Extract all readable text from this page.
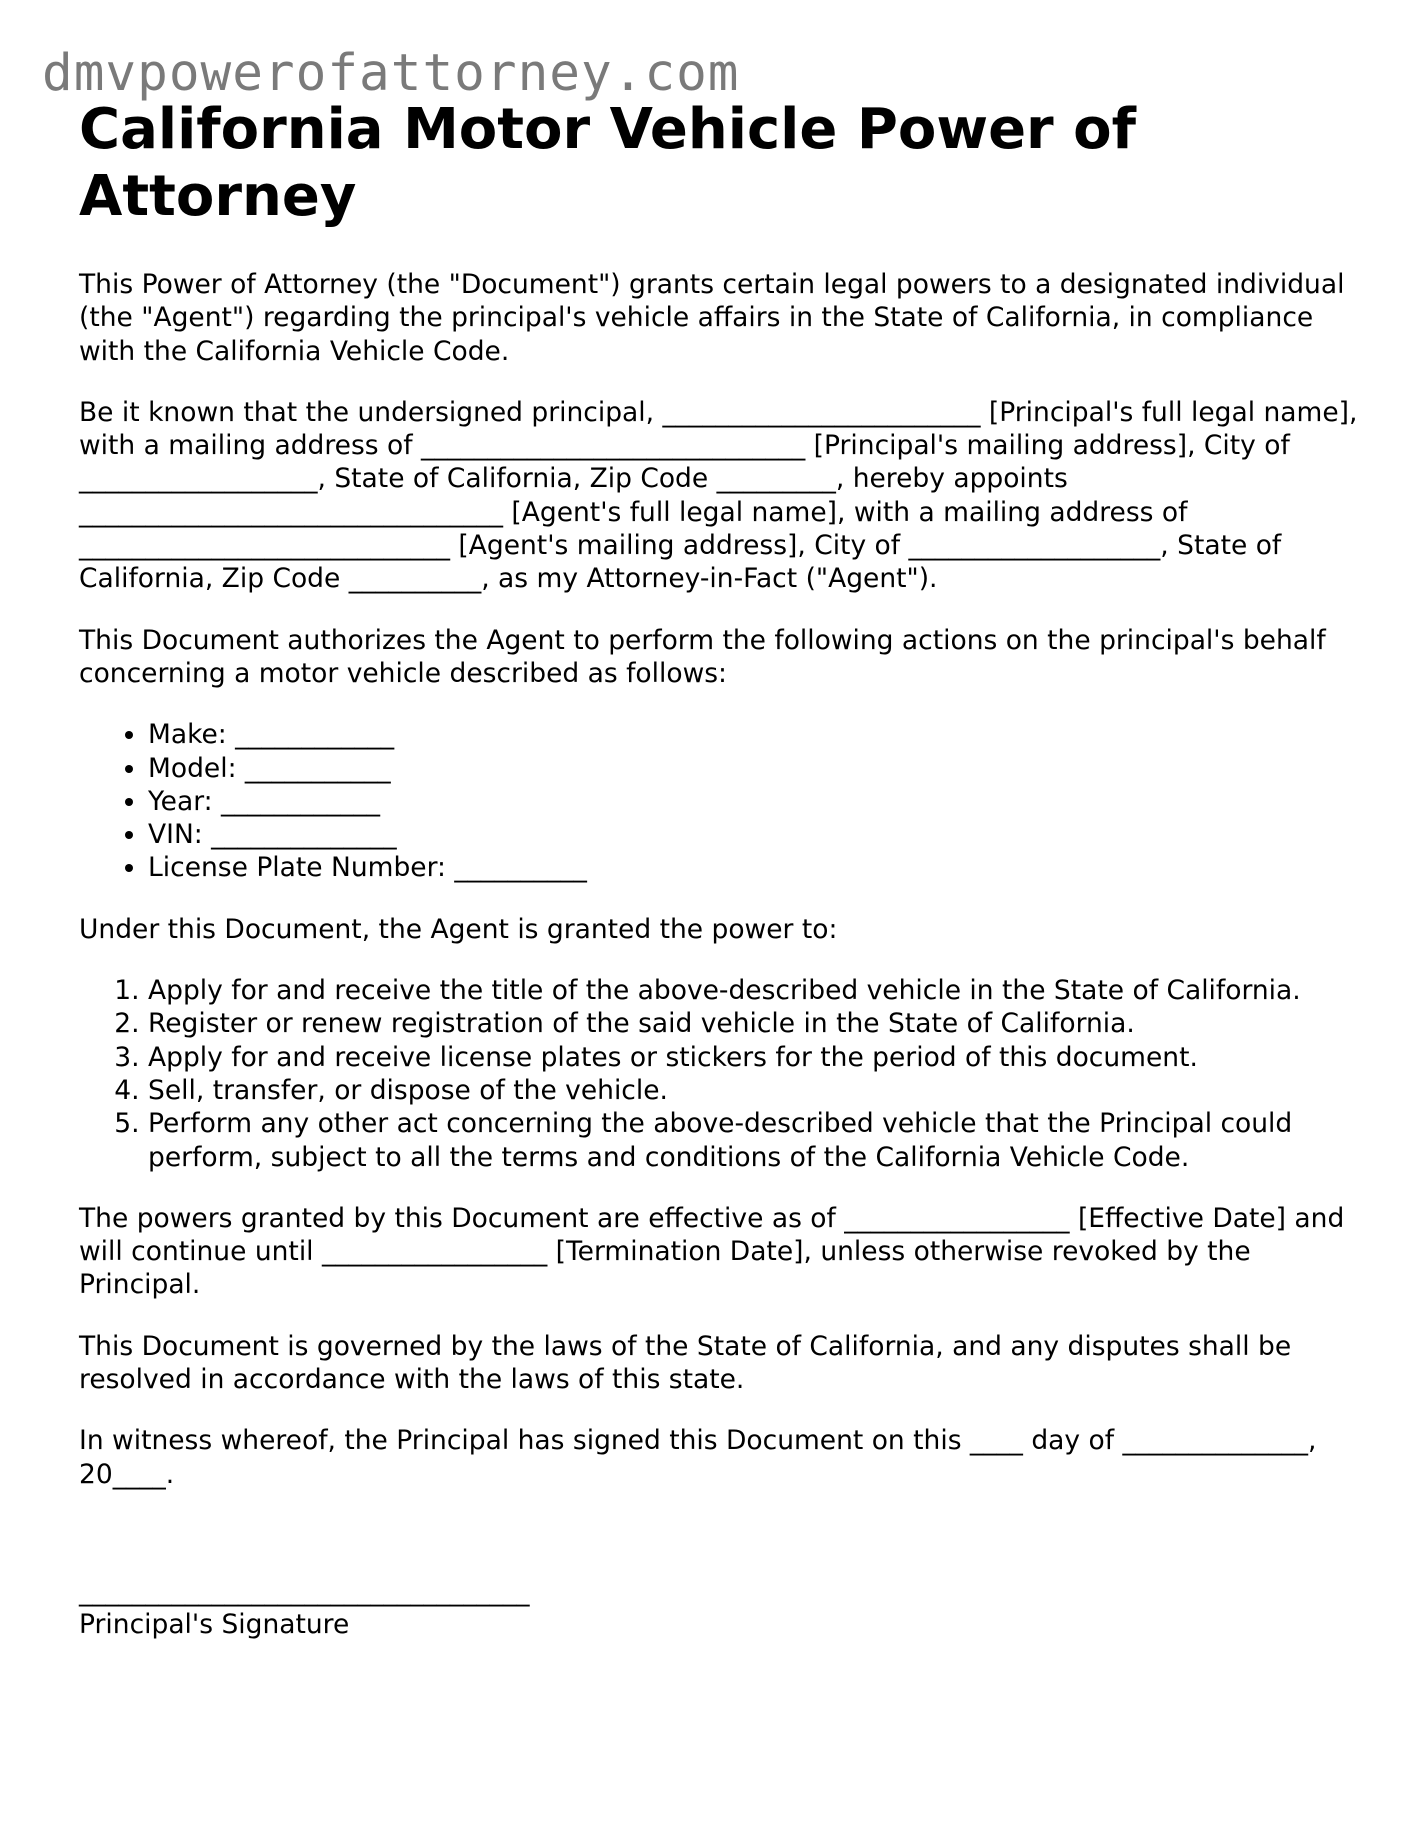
dmvpowerofattorney.com
California Motor Vehicle Power of Attorney

This Power of Attorney (the "Document") grants certain legal powers to a designated individual (the "Agent") regarding the principal's vehicle affairs in the State of California, in compliance with the California Vehicle Code.

Be it known that the undersigned principal, ________________________ [Principal's full legal name], with a mailing address of _____________________________ [Principal's mailing address], City of __________________, State of California, Zip Code _________, hereby appoints ________________________________ [Agent's full legal name], with a mailing address of ____________________________ [Agent's mailing address], City of ___________________, State of California, Zip Code __________, as my Attorney-in-Fact ("Agent").

This Document authorizes the Agent to perform the following actions on the principal's behalf concerning a motor vehicle described as follows:

• Make: ____________
• Model: ___________
• Year: ____________
• VIN: ______________
• License Plate Number: __________

Under this Document, the Agent is granted the power to:

1. Apply for and receive the title of the above-described vehicle in the State of California.
2. Register or renew registration of the said vehicle in the State of California.
3. Apply for and receive license plates or stickers for the period of this document.
4. Sell, transfer, or dispose of the vehicle.
5. Perform any other act concerning the above-described vehicle that the Principal could perform, subject to all the terms and conditions of the California Vehicle Code.

The powers granted by this Document are effective as of _________________ [Effective Date] and will continue until _________________ [Termination Date], unless otherwise revoked by the Principal.

This Document is governed by the laws of the State of California, and any disputes shall be resolved in accordance with the laws of this state.

In witness whereof, the Principal has signed this Document on this ____ day of ______________, 20____.

__________________________________
Principal's Signature
